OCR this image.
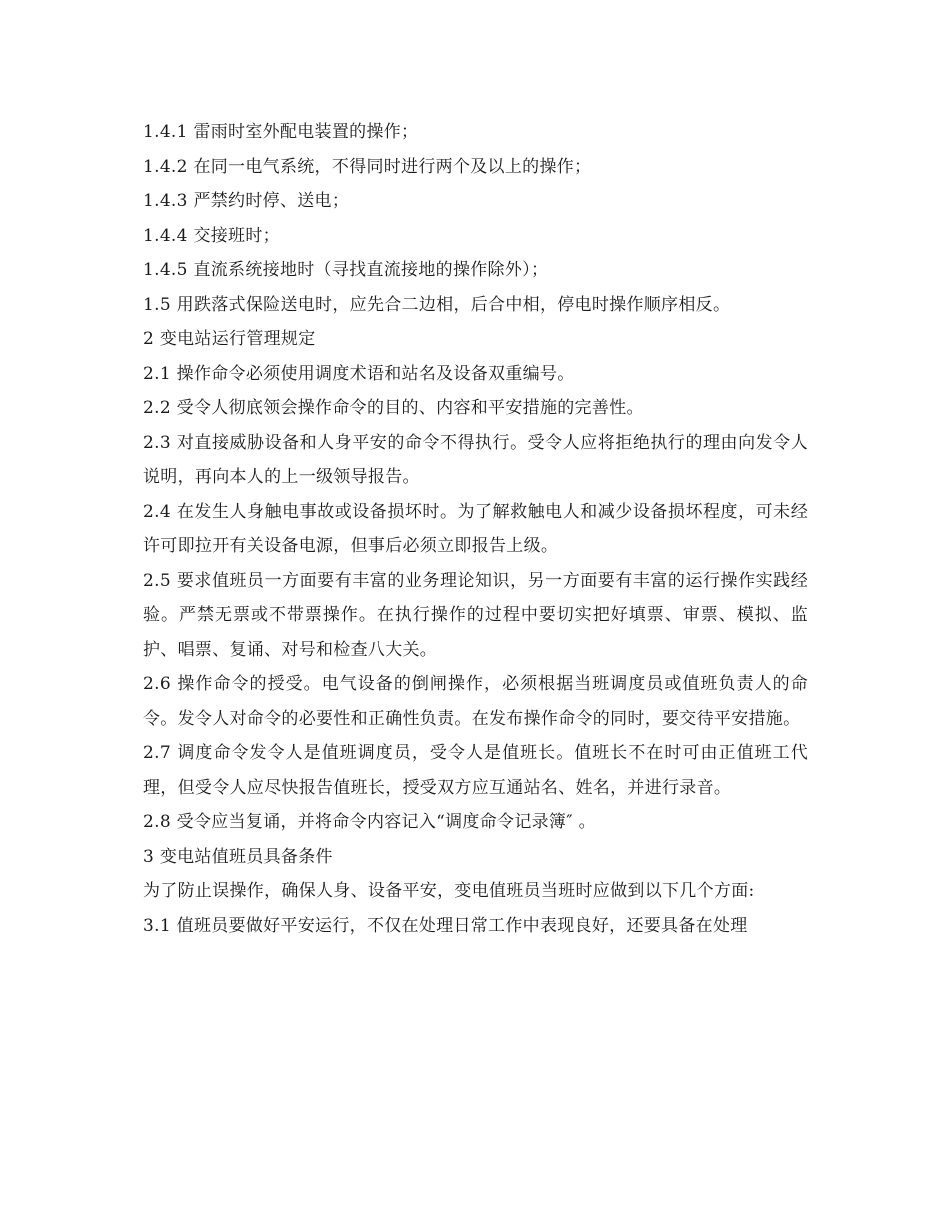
1.4.1 雷雨时室外配电装置的操作；

1.4.2 在同一电气系统，不得同时进行两个及以上的操作；

1.4.3 严禁约时停、送电；

1.4.4 交接班时；

1.4.5 直流系统接地时（寻找直流接地的操作除外）；

1.5 用跌落式保险送电时，应先合二边相，后合中相，停电时操作顺序相反。

2 变电站运行管理规定

2.1 操作命令必须使用调度术语和站名及设备双重编号。

2.2 受令人彻底领会操作命令的目的、内容和平安措施的完善性。

2.3 对直接威胁设备和人身平安的命令不得执行。受令人应将拒绝执行的理由向发令人说明，再向本人的上一级领导报告。

2.4 在发生人身触电事故或设备损坏时。为了解救触电人和减少设备损坏程度，可未经许可即拉开有关设备电源，但事后必须立即报告上级。

2.5 要求值班员一方面要有丰富的业务理论知识，另一方面要有丰富的运行操作实践经验。严禁无票或不带票操作。在执行操作的过程中要切实把好填票、审票、模拟、监护、唱票、复诵、对号和检查八大关。

2.6 操作命令的授受。电气设备的倒闸操作，必须根据当班调度员或值班负责人的命令。发令人对命令的必要性和正确性负责。在发布操作命令的同时，要交待平安措施。

2.7 调度命令发令人是值班调度员，受令人是值班长。值班长不在时可由正值班工代理，但受令人应尽快报告值班长，授受双方应互通站名、姓名，并进行录音。

2.8 受令应当复诵，并将命令内容记入“调度命令记录簿″ 。

3 变电站值班员具备条件

为了防止误操作，确保人身、设备平安，变电值班员当班时应做到以下几个方面:

3.1 值班员要做好平安运行，不仅在处理日常工作中表现良好，还要具备在处理
